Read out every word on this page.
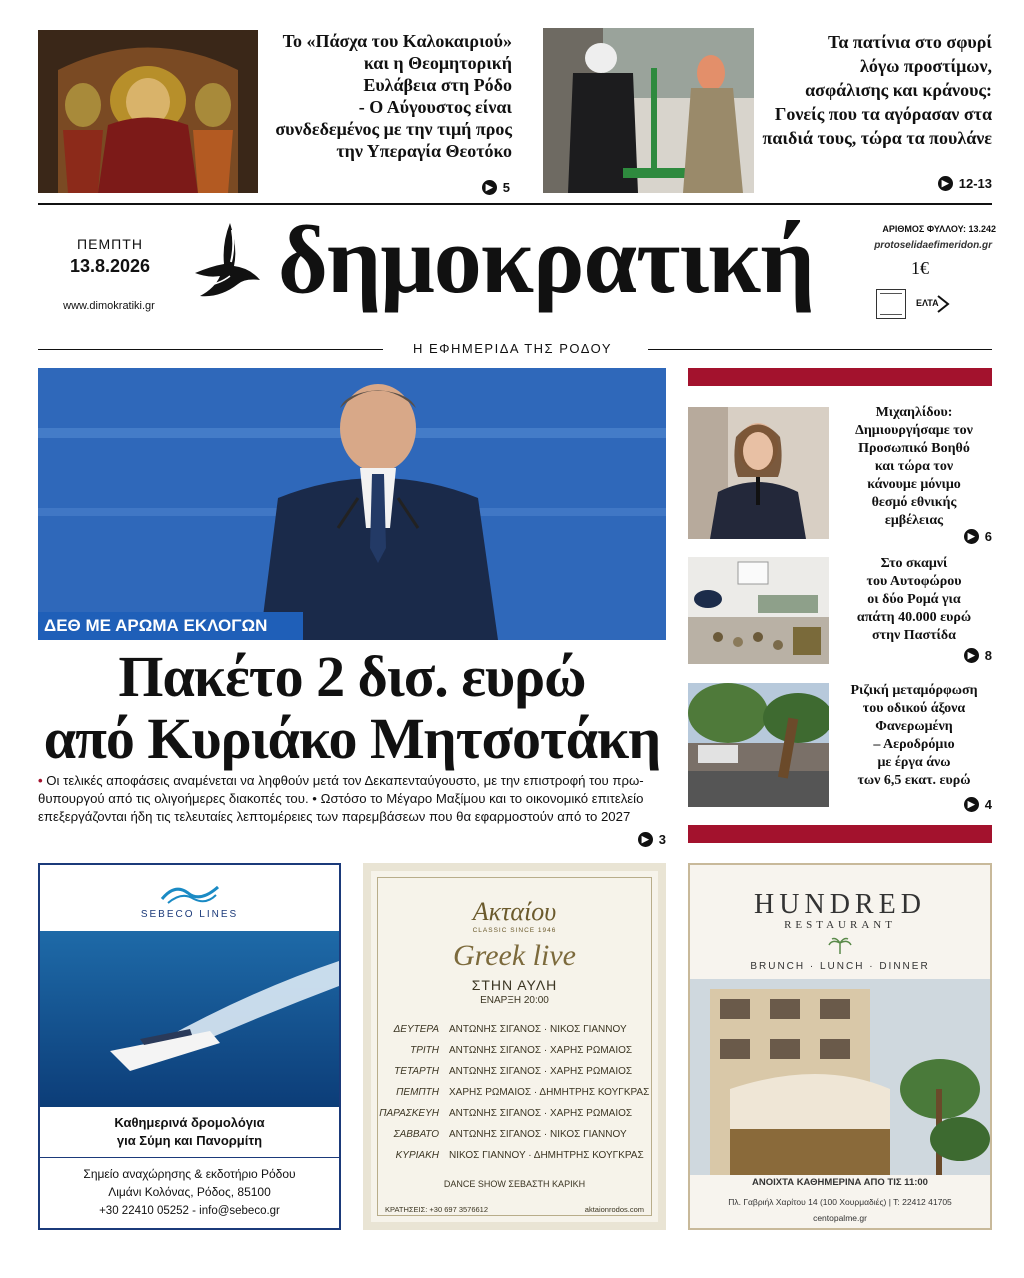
Το «Πάσχα του Καλοκαιριού»
και η Θεομητορική
Ευλάβεια στη Ρόδο
- Ο Αύγουστος είναι
συνδεδεμένος με την τιμή προς
την Υπεραγία Θεοτόκο
▶ 5
Τα πατίνια στο σφυρί
λόγω προστίμων,
ασφάλισης και κράνους:
Γονείς που τα αγόρασαν στα
παιδιά τους, τώρα τα πουλάνε
▶ 12-13
ΠΕΜΠΤΗ
13.8.2026
www.dimokratiki.gr δημοκρατική	ΑΡΙΘΜΟΣ ΦΥΛΛΟΥ: 13.242
protoselidaefimeridon.gr
1€
ΕΛΤΑ
Η ΕΦΗΜΕΡΙΔΑ ΤΗΣ ΡΟΔΟΥ
ΔΕΘ ΜΕ ΑΡΩΜΑ ΕΚΛΟΓΩΝ
Πακέτο 2 δισ. ευρώ
από Κυριάκο Μητσοτάκη
• Οι τελικές αποφάσεις αναμένεται να ληφθούν μετά τον Δεκαπενταύγουστο, με την επιστροφή του πρω-
θυπουργού από τις ολιγοήμερες διακοπές του. • Ωστόσο το Μέγαρο Μαξίμου και το οικονομικό επιτελείο
επεξεργάζονται ήδη τις τελευταίες λεπτομέρειες των παρεμβάσεων που θα εφαρμοστούν από το 2027
▶ 3
Μιχαηλίδου:
Δημιουργήσαμε τον
Προσωπικό Βοηθό
και τώρα τον
κάνουμε μόνιμο
θεσμό εθνικής
εμβέλειας
▶ 6
Στο σκαμνί
του Αυτοφώρου
οι δύο Ρομά για
απάτη 40.000 ευρώ
στην Παστίδα
▶ 8
Ριζική μεταμόρφωση
του οδικού άξονα
Φανερωμένη
– Αεροδρόμιο
με έργα άνω
των 6,5 εκατ. ευρώ
▶ 4
SEBECO LINES
Καθημερινά δρομολόγια
για Σύμη και Πανορμίτη
Σημείο αναχώρησης & εκδοτήριο Ρόδου
Λιμάνι Κολόνας, Ρόδος, 85100
+30 22410 05252 - info@sebeco.gr
Ακταίου
CLASSIC SINCE 1946
Greek live
ΣΤΗΝ ΑΥΛΗ
ΕΝΑΡΞΗ 20:00
ΔΕΥΤΕΡΑ	ΑΝΤΩΝΗΣ ΣΙΓΑΝΟΣ · ΝΙΚΟΣ ΓΙΑΝΝΟΥ
ΤΡΙΤΗ	ΑΝΤΩΝΗΣ ΣΙΓΑΝΟΣ · ΧΑΡΗΣ ΡΩΜΑΙΟΣ
ΤΕΤΑΡΤΗ	ΑΝΤΩΝΗΣ ΣΙΓΑΝΟΣ · ΧΑΡΗΣ ΡΩΜΑΙΟΣ
ΠΕΜΠΤΗ	ΧΑΡΗΣ ΡΩΜΑΙΟΣ · ΔΗΜΗΤΡΗΣ ΚΟΥΓΚΡΑΣ
ΠΑΡΑΣΚΕΥΗ	ΑΝΤΩΝΗΣ ΣΙΓΑΝΟΣ · ΧΑΡΗΣ ΡΩΜΑΙΟΣ
ΣΑΒΒΑΤΟ	ΑΝΤΩΝΗΣ ΣΙΓΑΝΟΣ · ΝΙΚΟΣ ΓΙΑΝΝΟΥ
ΚΥΡΙΑΚΗ	ΝΙΚΟΣ ΓΙΑΝΝΟΥ · ΔΗΜΗΤΡΗΣ ΚΟΥΓΚΡΑΣ
DANCE SHOW ΣΕΒΑΣΤΗ ΚΑΡΙΚΗ
ΚΡΑΤΗΣΕΙΣ: +30 697 3576612	aktaionrodos.com
HUNDRED
RESTAURANT
BRUNCH · LUNCH · DINNER
ΑΝΟΙΧΤΑ ΚΑΘΗΜΕΡΙΝΑ ΑΠΟ ΤΙΣ 11:00
Πλ. Γαβριήλ Χαρίτου 14 (100 Χουρμαδιές) | Τ: 22412 41705
centopalme.gr
